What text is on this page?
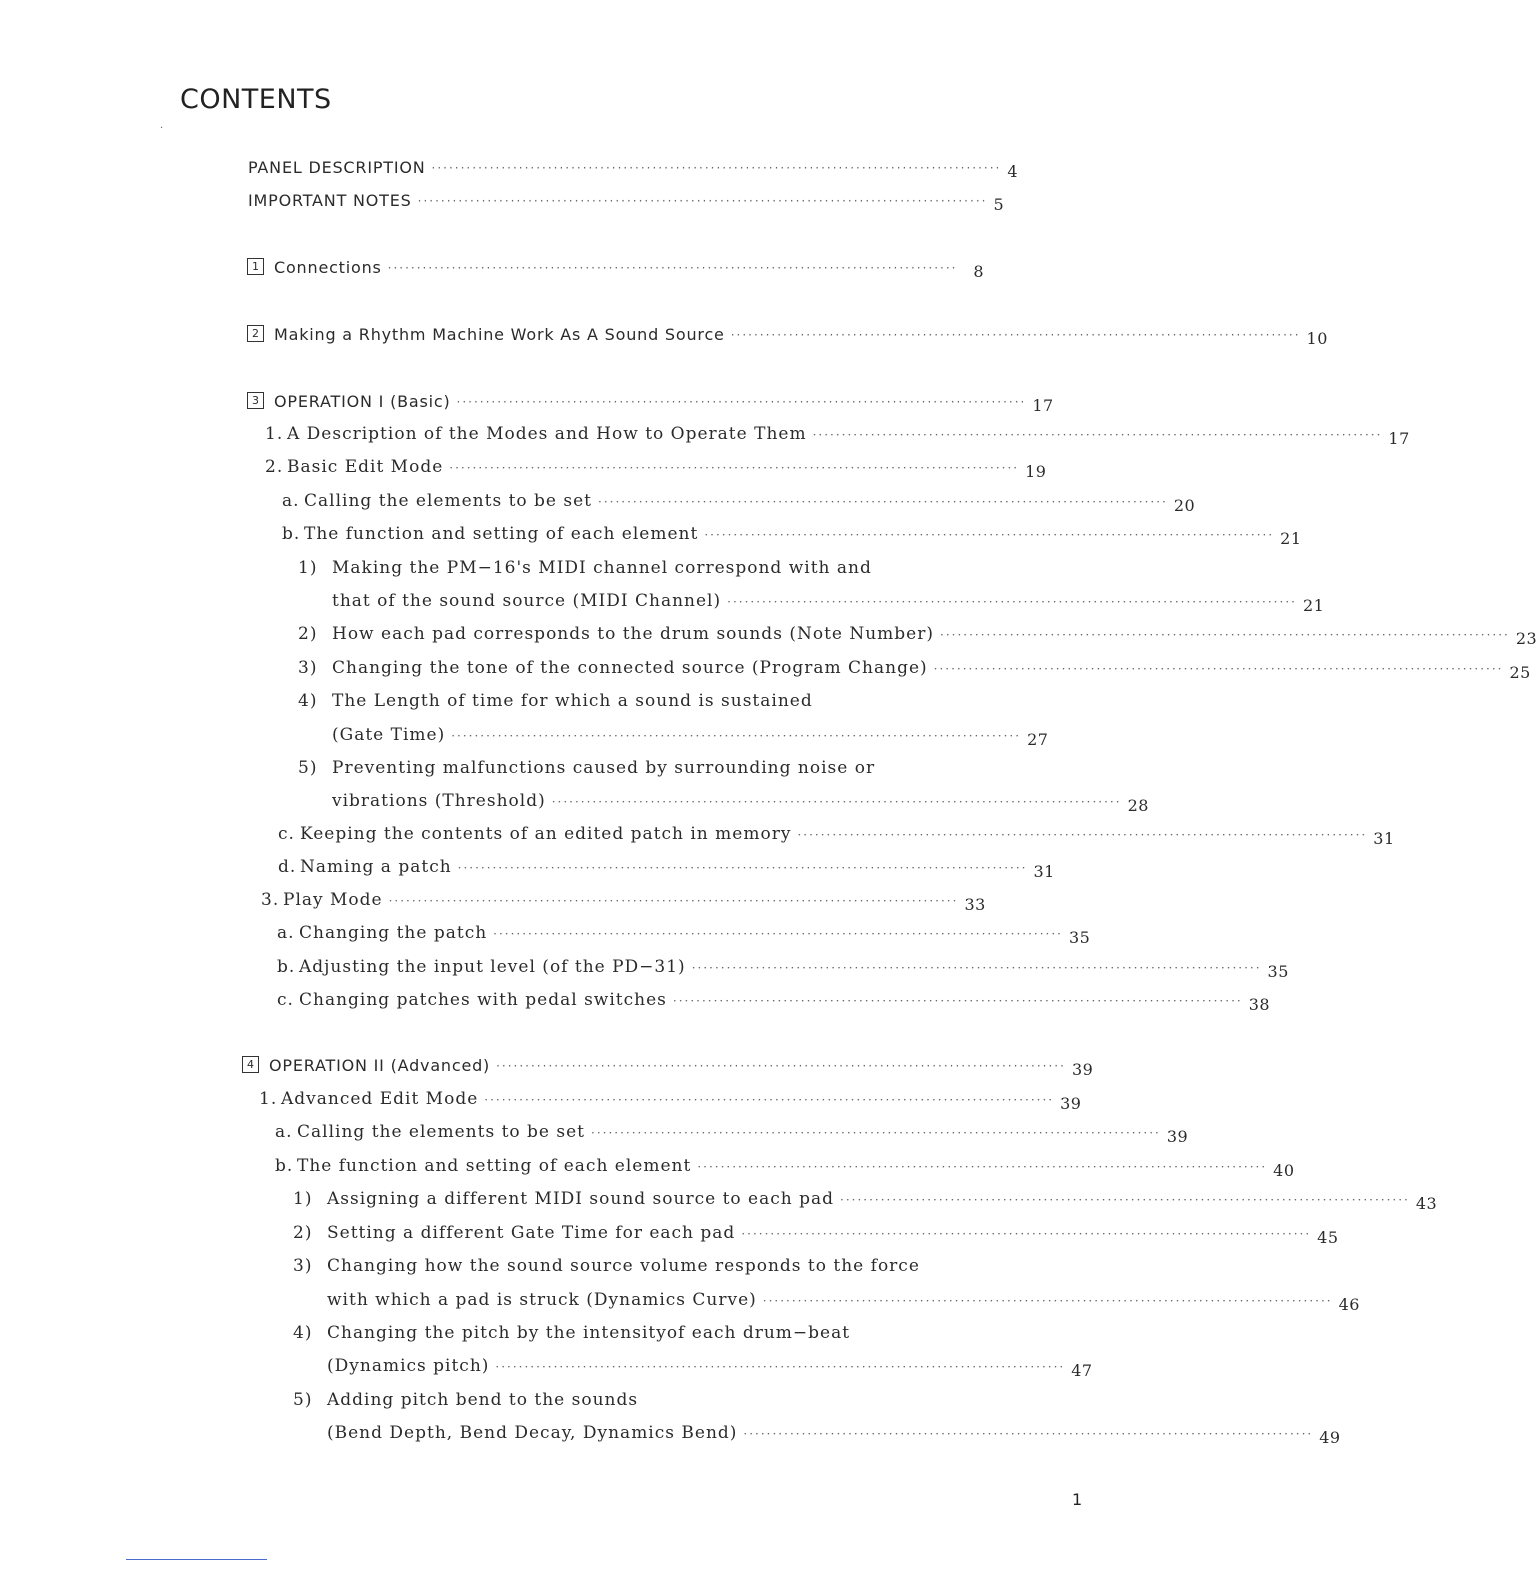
CONTENTS
.
PANEL DESCRIPTION ·································································································· 4
IMPORTANT NOTES ·································································································· 5
1 Connections ·································································································· 8
2 Making a Rhythm Machine Work As A Sound Source ·································································································· 10
3 OPERATION I (Basic) ·································································································· 17
1. A Description of the Modes and How to Operate Them ·································································································· 17
2. Basic Edit Mode ·································································································· 19
a. Calling the elements to be set ·································································································· 20
b. The function and setting of each element ·································································································· 21
1) Making the PM−16's MIDI channel correspond with and
that of the sound source (MIDI Channel) ·································································································· 21
2) How each pad corresponds to the drum sounds (Note Number) ·································································································· 23
3) Changing the tone of the connected source (Program Change) ·································································································· 25
4) The Length of time for which a sound is sustained
(Gate Time) ·································································································· 27
5) Preventing malfunctions caused by surrounding noise or
vibrations (Threshold) ·································································································· 28
c. Keeping the contents of an edited patch in memory ·································································································· 31
d. Naming a patch ·································································································· 31
3. Play Mode ·································································································· 33
a. Changing the patch ·································································································· 35
b. Adjusting the input level (of the PD−31) ·································································································· 35
c. Changing patches with pedal switches ·································································································· 38
4 OPERATION II (Advanced) ·································································································· 39
1. Advanced Edit Mode ·································································································· 39
a. Calling the elements to be set ·································································································· 39
b. The function and setting of each element ·································································································· 40
1) Assigning a different MIDI sound source to each pad ·································································································· 43
2) Setting a different Gate Time for each pad ·································································································· 45
3) Changing how the sound source volume responds to the force
with which a pad is struck (Dynamics Curve) ·································································································· 46
4) Changing the pitch by the intensityof each drum−beat
(Dynamics pitch) ·································································································· 47
5) Adding pitch bend to the sounds
(Bend Depth, Bend Decay, Dynamics Bend) ·································································································· 49
1
